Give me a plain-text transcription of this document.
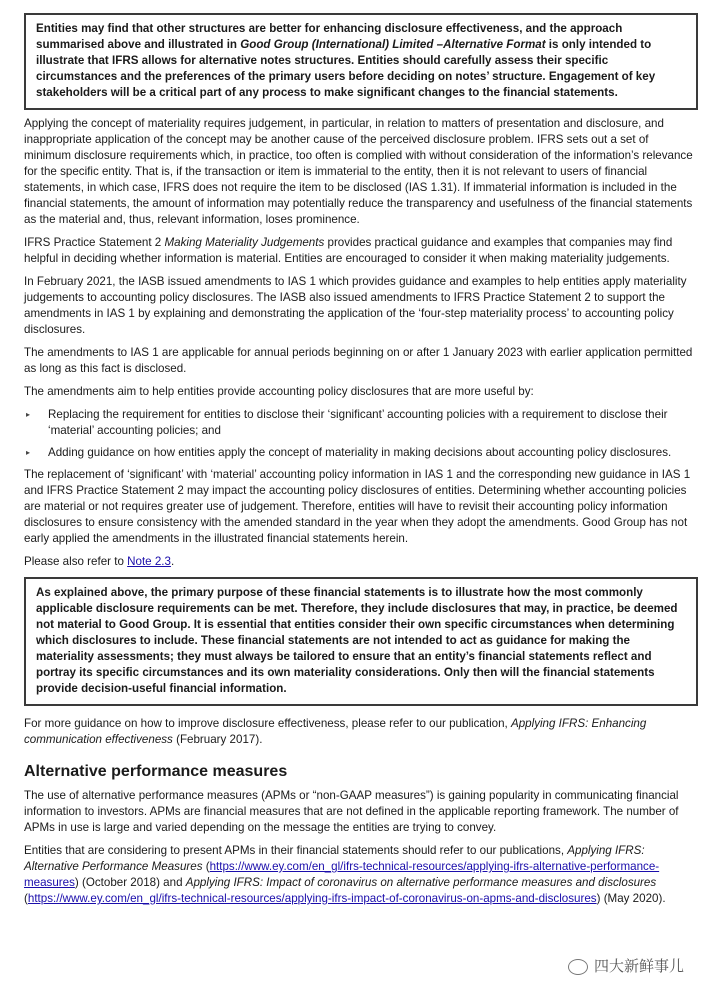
Entities may find that other structures are better for enhancing disclosure effectiveness, and the approach summarised above and illustrated in Good Group (International) Limited –Alternative Format is only intended to illustrate that IFRS allows for alternative notes structures. Entities should carefully assess their specific circumstances and the preferences of the primary users before deciding on notes’ structure. Engagement of key stakeholders will be a critical part of any process to make significant changes to the financial statements.

Applying the concept of materiality requires judgement, in particular, in relation to matters of presentation and disclosure, and inappropriate application of the concept may be another cause of the perceived disclosure problem. IFRS sets out a set of minimum disclosure requirements which, in practice, too often is complied with without consideration of the information’s relevance for the specific entity. That is, if the transaction or item is immaterial to the entity, then it is not relevant to users of financial statements, in which case, IFRS does not require the item to be disclosed (IAS 1.31). If immaterial information is included in the financial statements, the amount of information may potentially reduce the transparency and usefulness of the financial statements as the material and, thus, relevant information, loses prominence.

IFRS Practice Statement 2 Making Materiality Judgements provides practical guidance and examples that companies may find helpful in deciding whether information is material. Entities are encouraged to consider it when making materiality judgements.

In February 2021, the IASB issued amendments to IAS 1 which provides guidance and examples to help entities apply materiality judgements to accounting policy disclosures. The IASB also issued amendments to IFRS Practice Statement 2 to support the amendments in IAS 1 by explaining and demonstrating the application of the ‘four-step materiality process’ to accounting policy disclosures.

The amendments to IAS 1 are applicable for annual periods beginning on or after 1 January 2023 with earlier application permitted as long as this fact is disclosed.

The amendments aim to help entities provide accounting policy disclosures that are more useful by:

▸ Replacing the requirement for entities to disclose their ‘significant’ accounting policies with a requirement to disclose their ‘material’ accounting policies; and
▸ Adding guidance on how entities apply the concept of materiality in making decisions about accounting policy disclosures.

The replacement of ‘significant’ with ‘material’ accounting policy information in IAS 1 and the corresponding new guidance in IAS 1 and IFRS Practice Statement 2 may impact the accounting policy disclosures of entities. Determining whether accounting policies are material or not requires greater use of judgement. Therefore, entities will have to revisit their accounting policy information disclosures to ensure consistency with the amended standard in the year when they adopt the amendments. Good Group has not early applied the amendments in the illustrated financial statements herein.

Please also refer to Note 2.3.

As explained above, the primary purpose of these financial statements is to illustrate how the most commonly applicable disclosure requirements can be met. Therefore, they include disclosures that may, in practice, be deemed not material to Good Group. It is essential that entities consider their own specific circumstances when determining which disclosures to include. These financial statements are not intended to act as guidance for making the materiality assessments; they must always be tailored to ensure that an entity’s financial statements reflect and portray its specific circumstances and its own materiality considerations. Only then will the financial statements provide decision-useful financial information.

For more guidance on how to improve disclosure effectiveness, please refer to our publication, Applying IFRS: Enhancing communication effectiveness (February 2017).

Alternative performance measures

The use of alternative performance measures (APMs or “non-GAAP measures”) is gaining popularity in communicating financial information to investors. APMs are financial measures that are not defined in the applicable reporting framework. The number of APMs in use is large and varied depending on the message the entities are trying to convey.

Entities that are considering to present APMs in their financial statements should refer to our publications, Applying IFRS: Alternative Performance Measures (https://www.ey.com/en_gl/ifrs-technical-resources/applying-ifrs-alternative-performance-measures) (October 2018) and Applying IFRS: Impact of coronavirus on alternative performance measures and disclosures (https://www.ey.com/en_gl/ifrs-technical-resources/applying-ifrs-impact-of-coronavirus-on-apms-and-disclosures) (May 2020).

四大新鲜事儿
